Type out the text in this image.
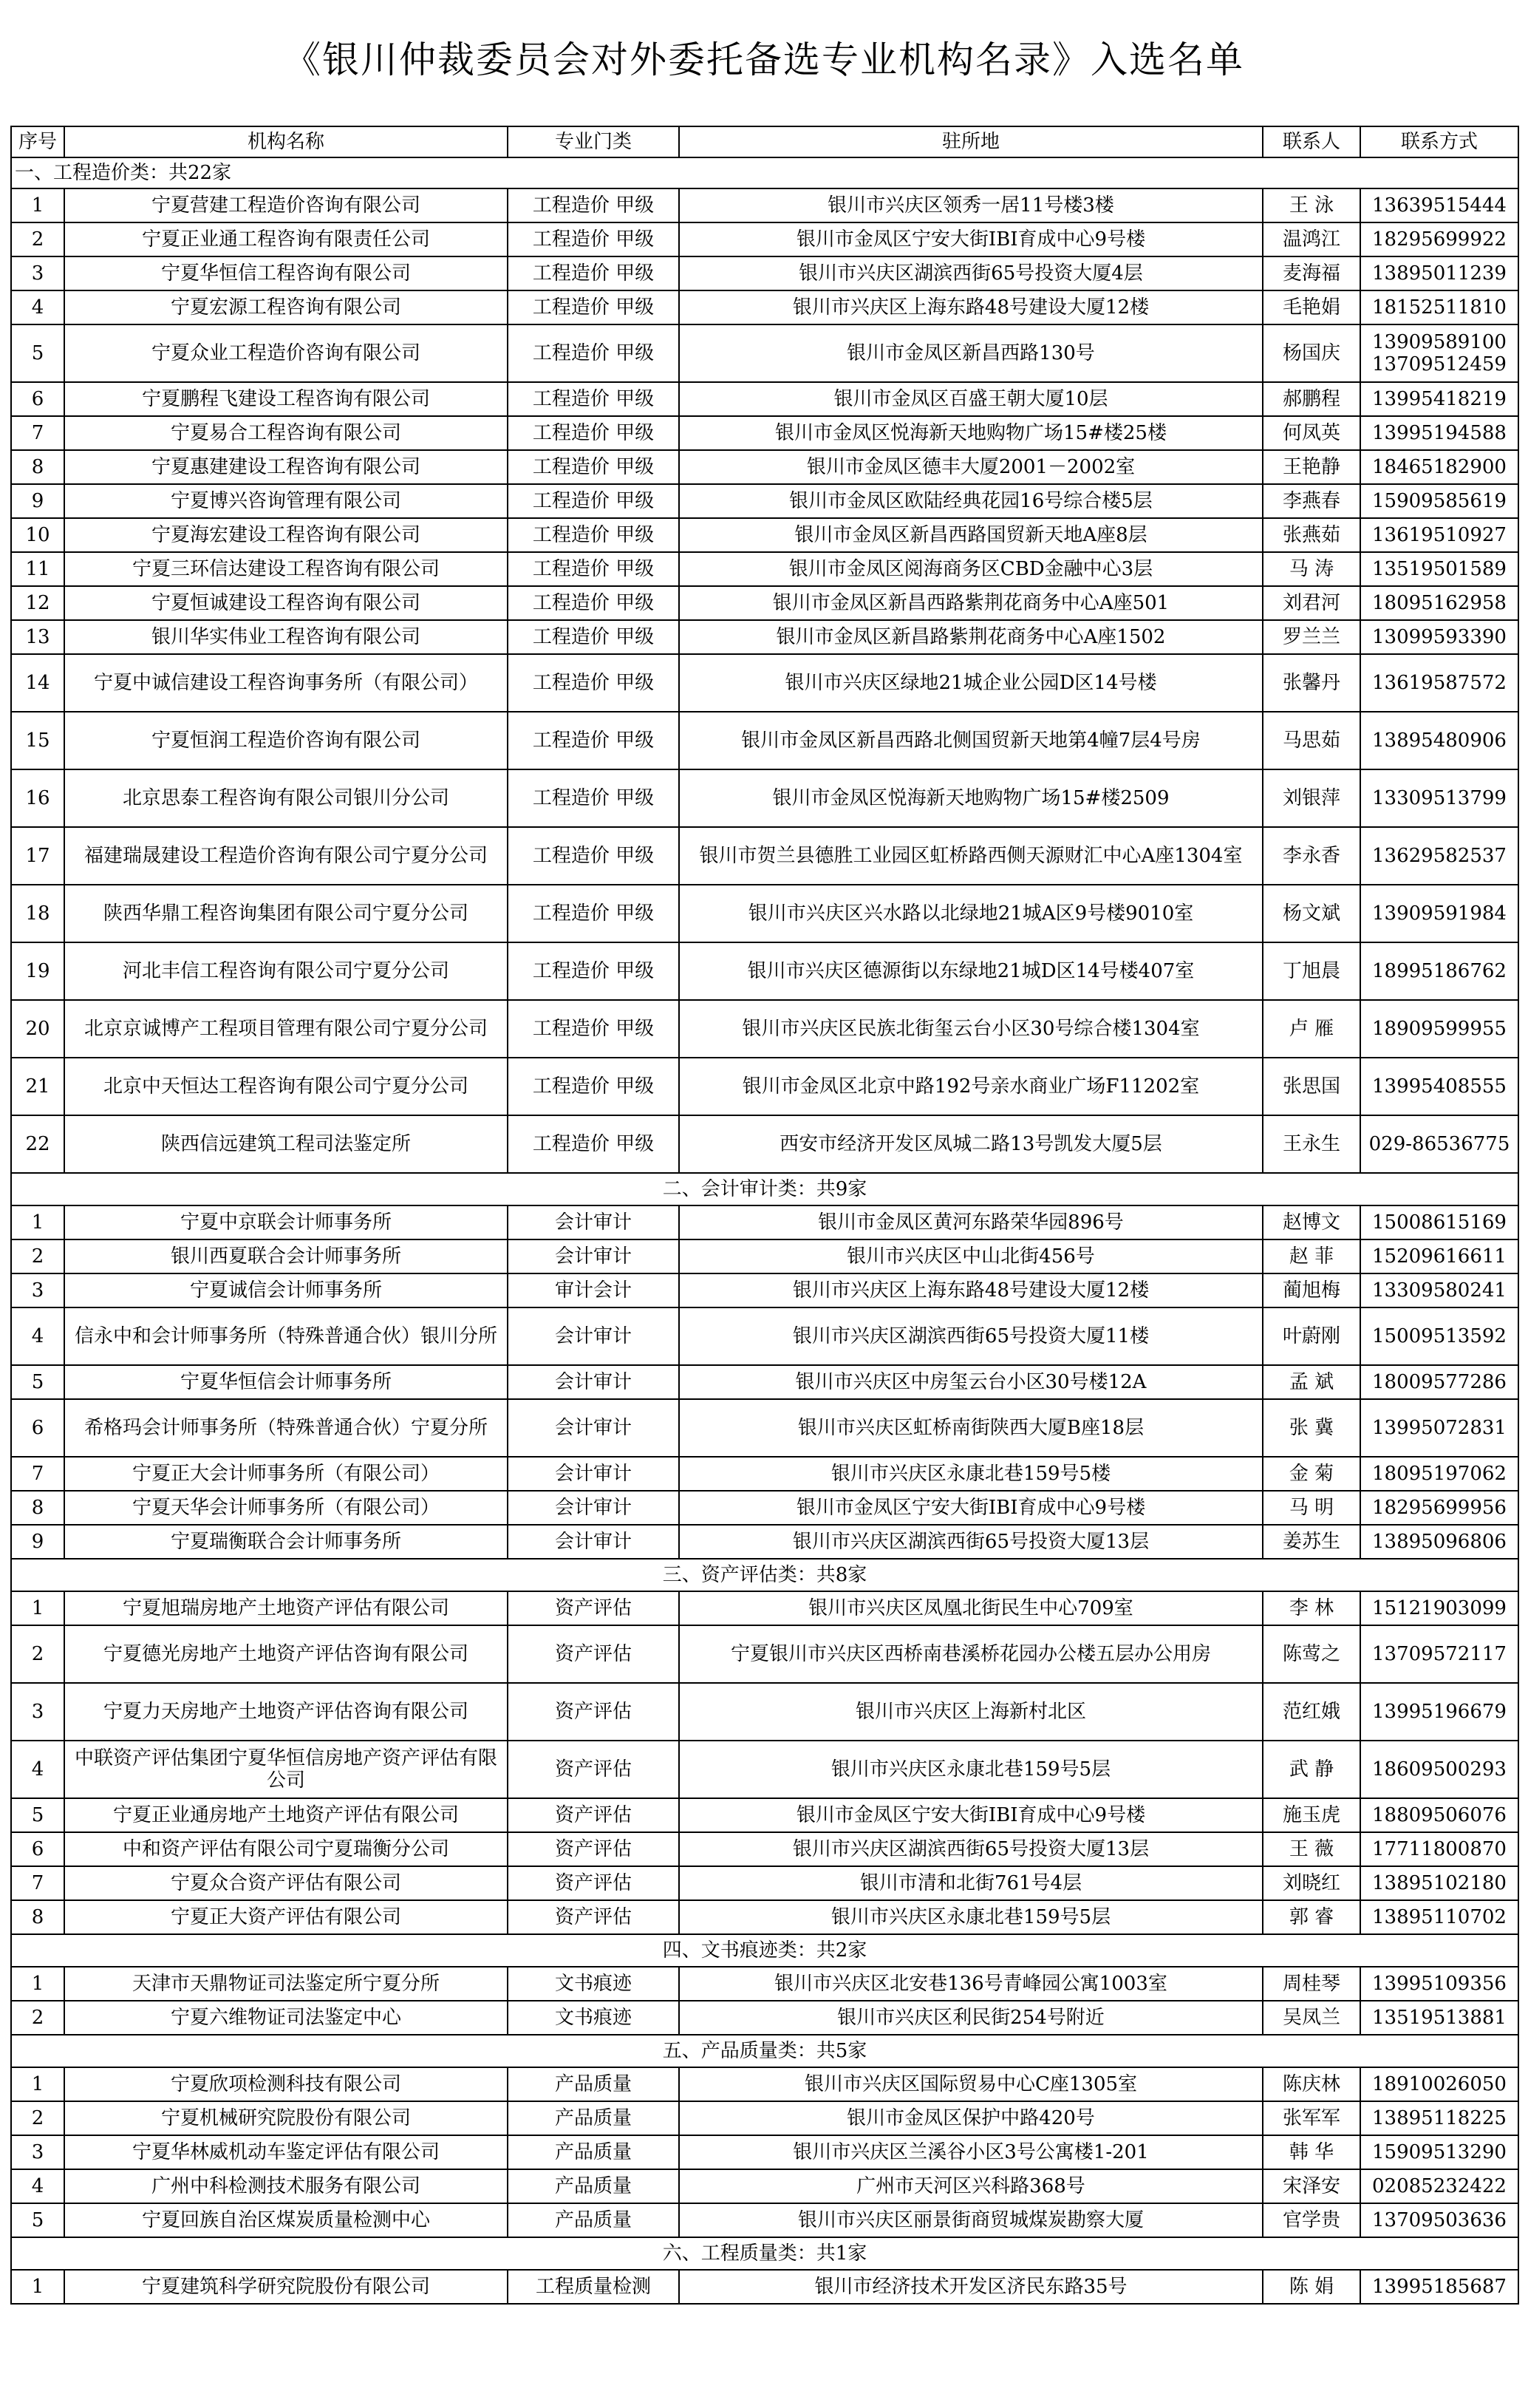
《银川仲裁委员会对外委托备选专业机构名录》入选名单
序号	机构名称	专业门类	驻所地	联系人	联系方式
一、工程造价类：共22家					
1	宁夏营建工程造价咨询有限公司	工程造价 甲级	银川市兴庆区领秀一居11号楼3楼	王 泳	13639515444
2	宁夏正业通工程咨询有限责任公司	工程造价 甲级	银川市金凤区宁安大街IBI育成中心9号楼	温鸿江	18295699922
3	宁夏华恒信工程咨询有限公司	工程造价 甲级	银川市兴庆区湖滨西街65号投资大厦4层	麦海福	13895011239
4	宁夏宏源工程咨询有限公司	工程造价 甲级	银川市兴庆区上海东路48号建设大厦12楼	毛艳娟	18152511810
5	宁夏众业工程造价咨询有限公司	工程造价 甲级	银川市金凤区新昌西路130号	杨国庆	13909589100
13709512459
6	宁夏鹏程飞建设工程咨询有限公司	工程造价 甲级	银川市金凤区百盛王朝大厦10层	郝鹏程	13995418219
7	宁夏易合工程咨询有限公司	工程造价 甲级	银川市金凤区悦海新天地购物广场15#楼25楼	何凤英	13995194588
8	宁夏惠建建设工程咨询有限公司	工程造价 甲级	银川市金凤区德丰大厦2001－2002室	王艳静	18465182900
9	宁夏博兴咨询管理有限公司	工程造价 甲级	银川市金凤区欧陆经典花园16号综合楼5层	李燕春	15909585619
10	宁夏海宏建设工程咨询有限公司	工程造价 甲级	银川市金凤区新昌西路国贸新天地A座8层	张燕茹	13619510927
11	宁夏三环信达建设工程咨询有限公司	工程造价 甲级	银川市金凤区阅海商务区CBD金融中心3层	马 涛	13519501589
12	宁夏恒诚建设工程咨询有限公司	工程造价 甲级	银川市金凤区新昌西路紫荆花商务中心A座501	刘君河	18095162958
13	银川华实伟业工程咨询有限公司	工程造价 甲级	银川市金凤区新昌路紫荆花商务中心A座1502	罗兰兰	13099593390
14	宁夏中诚信建设工程咨询事务所（有限公司）	工程造价 甲级	银川市兴庆区绿地21城企业公园D区14号楼	张馨丹	13619587572
15	宁夏恒润工程造价咨询有限公司	工程造价 甲级	银川市金凤区新昌西路北侧国贸新天地第4幢7层4号房	马思茹	13895480906
16	北京思泰工程咨询有限公司银川分公司	工程造价 甲级	银川市金凤区悦海新天地购物广场15#楼2509	刘银萍	13309513799
17	福建瑞晟建设工程造价咨询有限公司宁夏分公司	工程造价 甲级	银川市贺兰县德胜工业园区虹桥路西侧天源财汇中心A座1304室	李永香	13629582537
18	陕西华鼎工程咨询集团有限公司宁夏分公司	工程造价 甲级	银川市兴庆区兴水路以北绿地21城A区9号楼9010室	杨文斌	13909591984
19	河北丰信工程咨询有限公司宁夏分公司	工程造价 甲级	银川市兴庆区德源街以东绿地21城D区14号楼407室	丁旭晨	18995186762
20	北京京诚博产工程项目管理有限公司宁夏分公司	工程造价 甲级	银川市兴庆区民族北街玺云台小区30号综合楼1304室	卢 雁	18909599955
21	北京中天恒达工程咨询有限公司宁夏分公司	工程造价 甲级	银川市金凤区北京中路192号亲水商业广场F11202室	张思国	13995408555
22	陕西信远建筑工程司法鉴定所	工程造价 甲级	西安市经济开发区凤城二路13号凯发大厦5层	王永生	029-86536775
二、会计审计类：共9家					
1	宁夏中京联会计师事务所	会计审计	银川市金凤区黄河东路荣华园896号	赵博文	15008615169
2	银川西夏联合会计师事务所	会计审计	银川市兴庆区中山北街456号	赵 菲	15209616611
3	宁夏诚信会计师事务所	审计会计	银川市兴庆区上海东路48号建设大厦12楼	蔺旭梅	13309580241
4	信永中和会计师事务所（特殊普通合伙）银川分所	会计审计	银川市兴庆区湖滨西街65号投资大厦11楼	叶蔚刚	15009513592
5	宁夏华恒信会计师事务所	会计审计	银川市兴庆区中房玺云台小区30号楼12A	孟 斌	18009577286
6	希格玛会计师事务所（特殊普通合伙）宁夏分所	会计审计	银川市兴庆区虹桥南街陕西大厦B座18层	张 冀	13995072831
7	宁夏正大会计师事务所（有限公司）	会计审计	银川市兴庆区永康北巷159号5楼	金 菊	18095197062
8	宁夏天华会计师事务所（有限公司）	会计审计	银川市金凤区宁安大街IBI育成中心9号楼	马 明	18295699956
9	宁夏瑞衡联合会计师事务所	会计审计	银川市兴庆区湖滨西街65号投资大厦13层	姜苏生	13895096806
三、资产评估类：共8家					
1	宁夏旭瑞房地产土地资产评估有限公司	资产评估	银川市兴庆区凤凰北街民生中心709室	李 林	15121903099
2	宁夏德光房地产土地资产评估咨询有限公司	资产评估	宁夏银川市兴庆区西桥南巷溪桥花园办公楼五层办公用房	陈莺之	13709572117
3	宁夏力天房地产土地资产评估咨询有限公司	资产评估	银川市兴庆区上海新村北区	范红娥	13995196679
4	中联资产评估集团宁夏华恒信房地产资产评估有限公司	资产评估	银川市兴庆区永康北巷159号5层	武 静	18609500293
5	宁夏正业通房地产土地资产评估有限公司	资产评估	银川市金凤区宁安大街IBI育成中心9号楼	施玉虎	18809506076
6	中和资产评估有限公司宁夏瑞衡分公司	资产评估	银川市兴庆区湖滨西街65号投资大厦13层	王 薇	17711800870
7	宁夏众合资产评估有限公司	资产评估	银川市清和北街761号4层	刘晓红	13895102180
8	宁夏正大资产评估有限公司	资产评估	银川市兴庆区永康北巷159号5层	郭 睿	13895110702
四、文书痕迹类：共2家					
1	天津市天鼎物证司法鉴定所宁夏分所	文书痕迹	银川市兴庆区北安巷136号青峰园公寓1003室	周桂琴	13995109356
2	宁夏六维物证司法鉴定中心	文书痕迹	银川市兴庆区利民街254号附近	吴凤兰	13519513881
五、产品质量类：共5家					
1	宁夏欣项检测科技有限公司	产品质量	银川市兴庆区国际贸易中心C座1305室	陈庆林	18910026050
2	宁夏机械研究院股份有限公司	产品质量	银川市金凤区保护中路420号	张军军	13895118225
3	宁夏华林威机动车鉴定评估有限公司	产品质量	银川市兴庆区兰溪谷小区3号公寓楼1-201	韩 华	15909513290
4	广州中科检测技术服务有限公司	产品质量	广州市天河区兴科路368号	宋泽安	02085232422
5	宁夏回族自治区煤炭质量检测中心	产品质量	银川市兴庆区丽景街商贸城煤炭勘察大厦	官学贵	13709503636
六、工程质量类：共1家					
1	宁夏建筑科学研究院股份有限公司	工程质量检测	银川市经济技术开发区济民东路35号	陈 娟	13995185687
